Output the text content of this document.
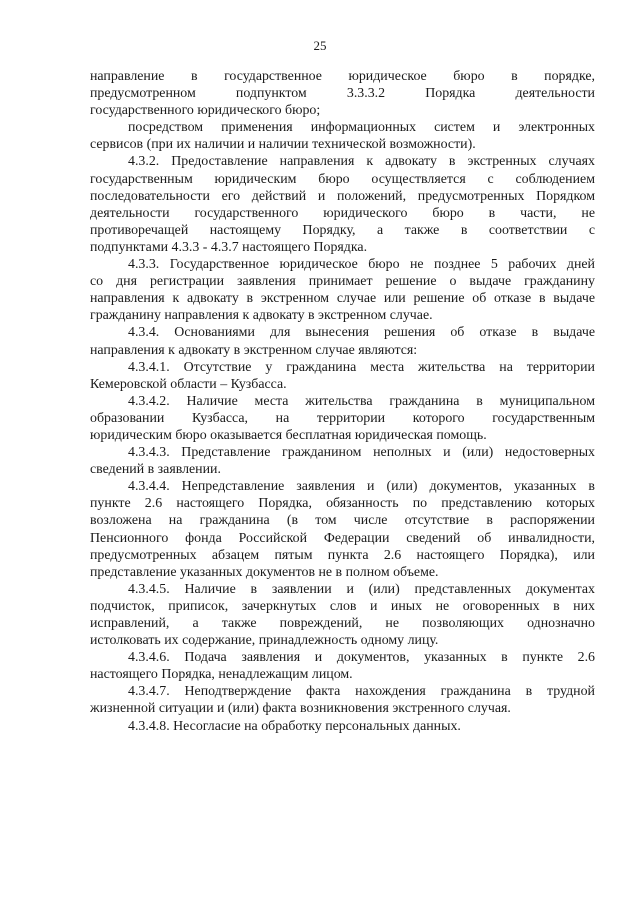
25
направление в государственное юридическое бюро в порядке,
предусмотренном подпунктом 3.3.3.2 Порядка деятельности
государственного юридического бюро;
посредством применения информационных систем и электронных
сервисов (при их наличии и наличии технической возможности).
4.3.2. Предоставление направления к адвокату в экстренных случаях
государственным юридическим бюро осуществляется с соблюдением
последовательности его действий и положений, предусмотренных Порядком
деятельности государственного юридического бюро в части, не
противоречащей настоящему Порядку, а также в соответствии с
подпунктами 4.3.3 - 4.3.7 настоящего Порядка.
4.3.3. Государственное юридическое бюро не позднее 5 рабочих дней
со дня регистрации заявления принимает решение о выдаче гражданину
направления к адвокату в экстренном случае или решение об отказе в выдаче
гражданину направления к адвокату в экстренном случае.
4.3.4. Основаниями для вынесения решения об отказе в выдаче
направления к адвокату в экстренном случае являются:
4.3.4.1. Отсутствие у гражданина места жительства на территории
Кемеровской области – Кузбасса.
4.3.4.2. Наличие места жительства гражданина в муниципальном
образовании Кузбасса, на территории которого государственным
юридическим бюро оказывается бесплатная юридическая помощь.
4.3.4.3. Представление гражданином неполных и (или) недостоверных
сведений в заявлении.
4.3.4.4. Непредставление заявления и (или) документов, указанных в
пункте 2.6 настоящего Порядка, обязанность по представлению которых
возложена на гражданина (в том числе отсутствие в распоряжении
Пенсионного фонда Российской Федерации сведений об инвалидности,
предусмотренных абзацем пятым пункта 2.6 настоящего Порядка), или
представление указанных документов не в полном объеме.
4.3.4.5. Наличие в заявлении и (или) представленных документах
подчисток, приписок, зачеркнутых слов и иных не оговоренных в них
исправлений, а также повреждений, не позволяющих однозначно
истолковать их содержание, принадлежность одному лицу.
4.3.4.6. Подача заявления и документов, указанных в пункте 2.6
настоящего Порядка, ненадлежащим лицом.
4.3.4.7. Неподтверждение факта нахождения гражданина в трудной
жизненной ситуации и (или) факта возникновения экстренного случая.
4.3.4.8. Несогласие на обработку персональных данных.
